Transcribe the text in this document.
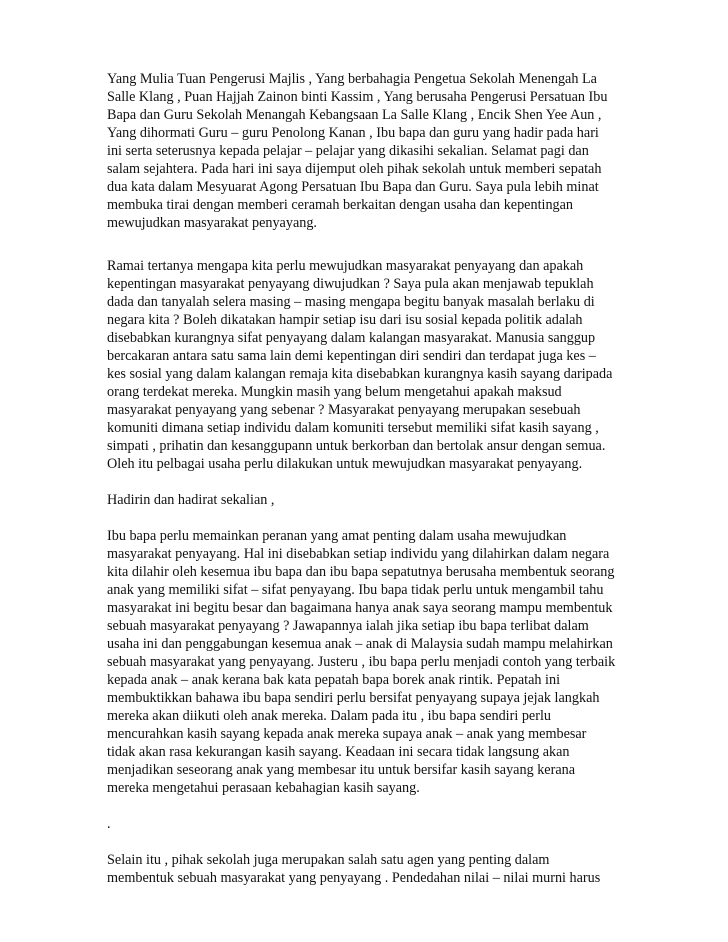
Yang Mulia Tuan Pengerusi Majlis , Yang berbahagia Pengetua Sekolah Menengah La
Salle Klang , Puan Hajjah Zainon binti Kassim , Yang berusaha Pengerusi Persatuan Ibu
Bapa dan Guru Sekolah Menangah Kebangsaan La Salle Klang , Encik Shen Yee Aun ,
Yang dihormati Guru – guru Penolong Kanan , Ibu bapa dan guru yang hadir pada hari
ini serta seterusnya kepada pelajar – pelajar yang dikasihi sekalian. Selamat pagi dan
salam sejahtera. Pada hari ini saya dijemput oleh pihak sekolah untuk memberi sepatah
dua kata dalam Mesyuarat Agong Persatuan Ibu Bapa dan Guru. Saya pula lebih minat
membuka tirai dengan memberi ceramah berkaitan dengan usaha dan kepentingan
mewujudkan masyarakat penyayang.

Ramai tertanya mengapa kita perlu mewujudkan masyarakat penyayang dan apakah
kepentingan masyarakat penyayang diwujudkan ? Saya pula akan menjawab tepuklah
dada dan tanyalah selera masing – masing mengapa begitu banyak masalah berlaku di
negara kita ? Boleh dikatakan hampir setiap isu dari isu sosial kepada politik adalah
disebabkan kurangnya sifat penyayang dalam kalangan masyarakat. Manusia sanggup
bercakaran antara satu sama lain demi kepentingan diri sendiri dan terdapat juga kes –
kes sosial yang dalam kalangan remaja kita disebabkan kurangnya kasih sayang daripada
orang terdekat mereka. Mungkin masih yang belum mengetahui apakah maksud
masyarakat penyayang yang sebenar ? Masyarakat penyayang merupakan sesebuah
komuniti dimana setiap individu dalam komuniti tersebut memiliki sifat kasih sayang ,
simpati , prihatin dan kesanggupann untuk berkorban dan bertolak ansur dengan semua.
Oleh itu pelbagai usaha perlu dilakukan untuk mewujudkan masyarakat penyayang.

Hadirin dan hadirat sekalian ,

Ibu bapa perlu memainkan peranan yang amat penting dalam usaha mewujudkan
masyarakat penyayang. Hal ini disebabkan setiap individu yang dilahirkan dalam negara
kita dilahir oleh kesemua ibu bapa dan ibu bapa sepatutnya berusaha membentuk seorang
anak yang memiliki sifat – sifat penyayang. Ibu bapa tidak perlu untuk mengambil tahu
masyarakat ini begitu besar dan bagaimana hanya anak saya seorang mampu membentuk
sebuah masyarakat penyayang ? Jawapannya ialah jika setiap ibu bapa terlibat dalam
usaha ini dan penggabungan kesemua anak – anak di Malaysia sudah mampu melahirkan
sebuah masyarakat yang penyayang. Justeru , ibu bapa perlu menjadi contoh yang terbaik
kepada anak – anak kerana bak kata pepatah bapa borek anak rintik. Pepatah ini
membuktikkan bahawa ibu bapa sendiri perlu bersifat penyayang supaya jejak langkah
mereka akan diikuti oleh anak mereka. Dalam pada itu , ibu bapa sendiri perlu
mencurahkan kasih sayang kepada anak mereka supaya anak – anak yang membesar
tidak akan rasa kekurangan kasih sayang. Keadaan ini secara tidak langsung akan
menjadikan seseorang anak yang membesar itu untuk bersifar kasih sayang kerana
mereka mengetahui perasaan kebahagian kasih sayang.

.

Selain itu , pihak sekolah juga merupakan salah satu agen yang penting dalam
membentuk sebuah masyarakat yang penyayang . Pendedahan nilai – nilai murni harus
